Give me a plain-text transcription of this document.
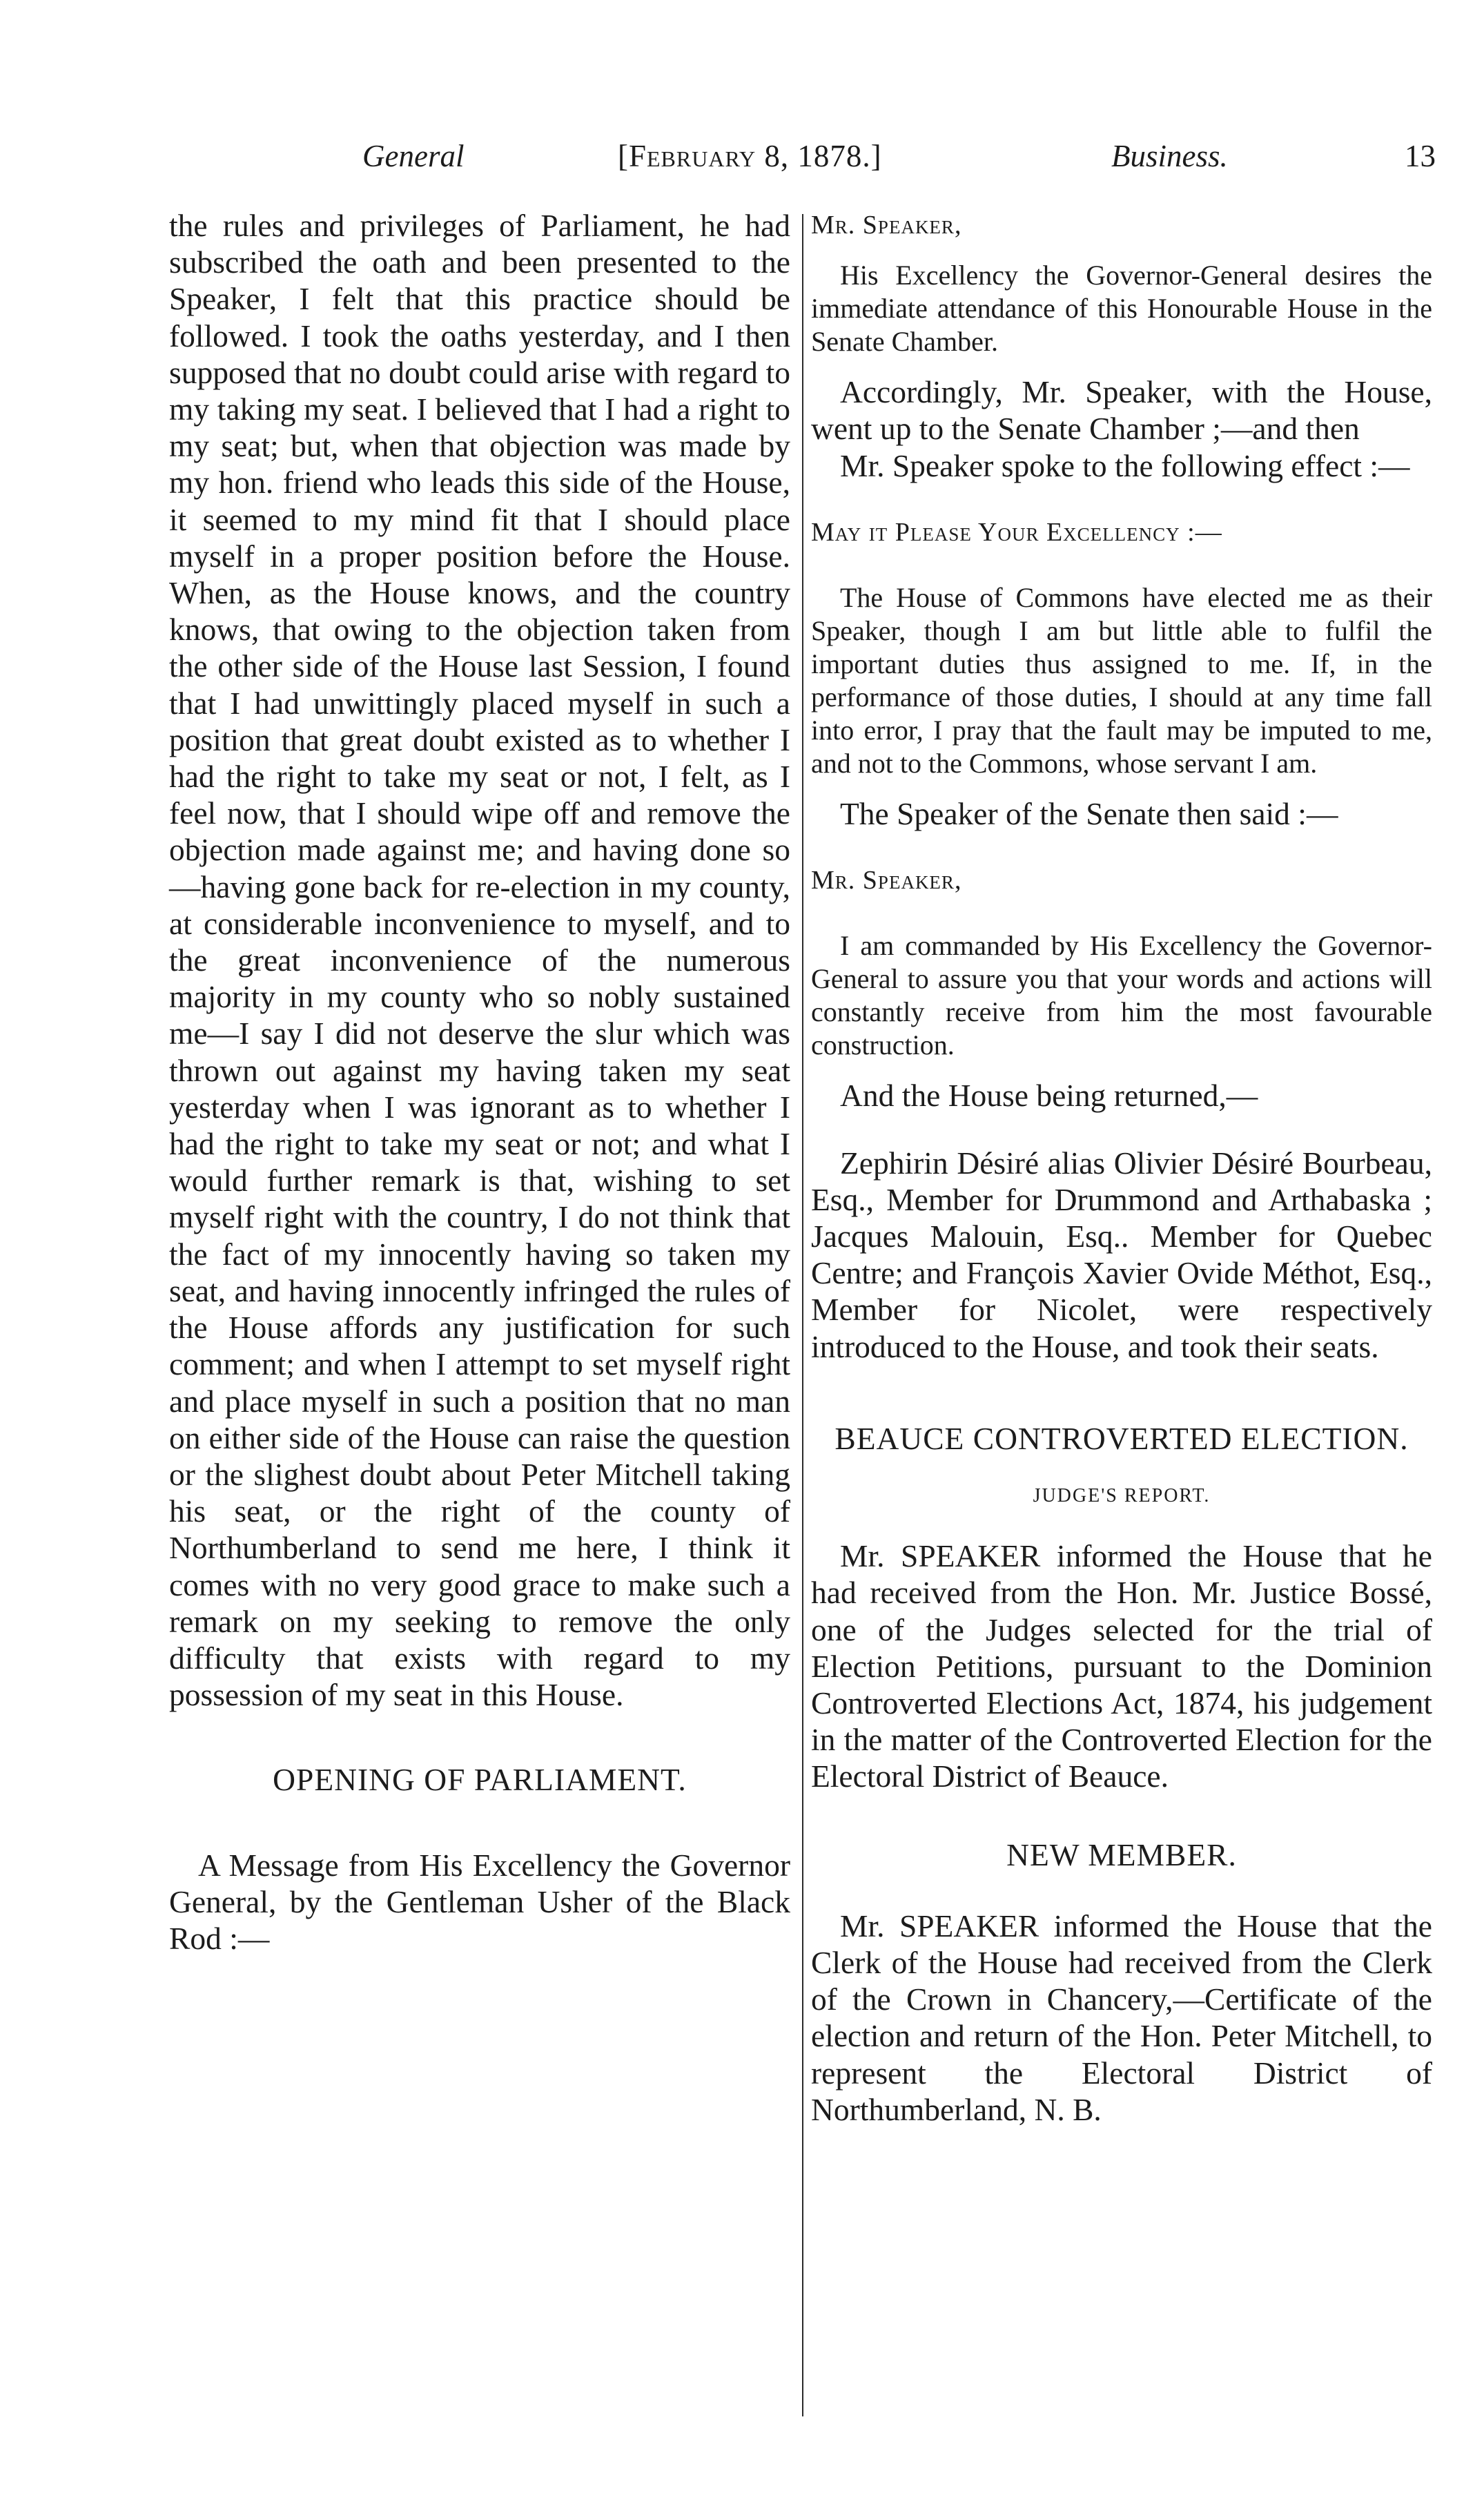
General	[February 8, 1878.]	Business.	13

the rules and privileges of Parliament, he had subscribed the oath and been presented to the Speaker, I felt that this practice should be followed. I took the oaths yesterday, and I then supposed that no doubt could arise with regard to my taking my seat. I believed that I had a right to my seat; but, when that objection was made by my hon. friend who leads this side of the House, it seemed to my mind fit that I should place myself in a proper position before the House. When, as the House knows, and the country knows, that owing to the objection taken from the other side of the House last Session, I found that I had unwittingly placed myself in such a position that great doubt existed as to whether I had the right to take my seat or not, I felt, as I feel now, that I should wipe off and remove the objection made against me; and having done so—having gone back for re-election in my county, at considerable inconvenience to myself, and to the great inconvenience of the numerous majority in my county who so nobly sustained me—I say I did not deserve the slur which was thrown out against my having taken my seat yesterday when I was ignorant as to whether I had the right to take my seat or not; and what I would further remark is that, wishing to set myself right with the country, I do not think that the fact of my innocently having so taken my seat, and having innocently infringed the rules of the House affords any justification for such comment; and when I attempt to set myself right and place myself in such a position that no man on either side of the House can raise the question or the slighest doubt about Peter Mitchell taking his seat, or the right of the county of Northumberland to send me here, I think it comes with no very good grace to make such a remark on my seeking to remove the only difficulty that exists with regard to my possession of my seat in this House.

OPENING OF PARLIAMENT.

A Message from His Excellency the Governor General, by the Gentleman Usher of the Black Rod :—

Mr. Speaker,

His Excellency the Governor-General desires the immediate attendance of this Honourable House in the Senate Chamber.

Accordingly, Mr. Speaker, with the House, went up to the Senate Chamber ;—and then

Mr. Speaker spoke to the following effect :—

May it Please Your Excellency :—

The House of Commons have elected me as their Speaker, though I am but little able to fulfil the important duties thus assigned to me. If, in the performance of those duties, I should at any time fall into error, I pray that the fault may be imputed to me, and not to the Commons, whose servant I am.

The Speaker of the Senate then said :—

Mr. Speaker,

I am commanded by His Excellency the Governor-General to assure you that your words and actions will constantly receive from him the most favourable construction.

And the House being returned,—

Zephirin Désiré alias Olivier Désiré Bourbeau, Esq., Member for Drummond and Arthabaska ; Jacques Malouin, Esq.. Member for Quebec Centre; and François Xavier Ovide Méthot, Esq., Member for Nicolet, were respectively introduced to the House, and took their seats.

BEAUCE CONTROVERTED ELECTION.

JUDGE'S REPORT.

Mr. SPEAKER informed the House that he had received from the Hon. Mr. Justice Bossé, one of the Judges selected for the trial of Election Petitions, pursuant to the Dominion Controverted Elections Act, 1874, his judgement in the matter of the Controverted Election for the Electoral District of Beauce.

NEW MEMBER.

Mr. SPEAKER informed the House that the Clerk of the House had received from the Clerk of the Crown in Chancery,—Certificate of the election and return of the Hon. Peter Mitchell, to represent the Electoral District of Northumberland, N. B.
